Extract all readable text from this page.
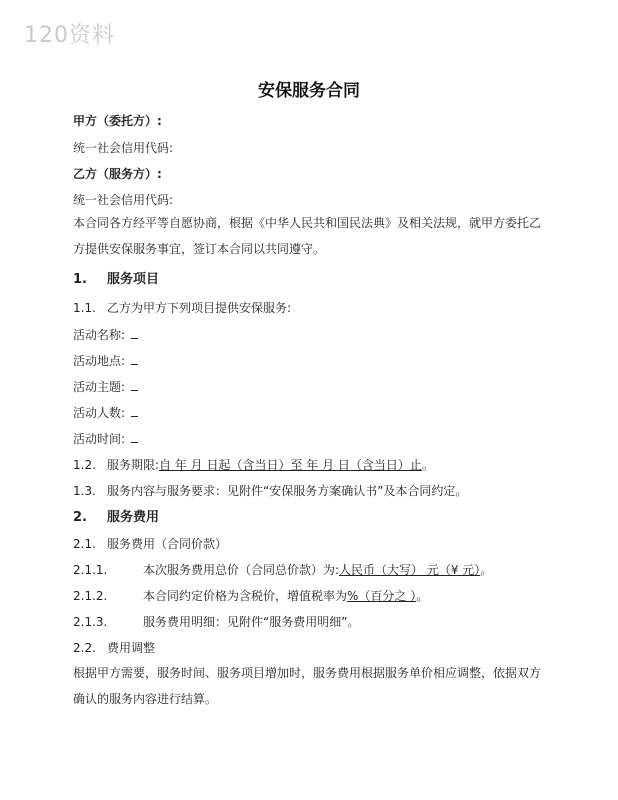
120资料
安保服务合同
甲方（委托方）:
统一社会信用代码:
乙方（服务方）:
统一社会信用代码:
本合同各方经平等自愿协商，根据《中华人民共和国民法典》及相关法规，就甲方委托乙方提供安保服务事宜，签订本合同以共同遵守。
1. 服务项目
1.1. 乙方为甲方下列项目提供安保服务:
活动名称:
活动地点:
活动主题:
活动人数:
活动时间:
1.2. 服务期限:自 年 月 日起（含当日）至 年 月 日（含当日）止。
1.3. 服务内容与服务要求：见附件“安保服务方案确认书”及本合同约定。
2. 服务费用
2.1. 服务费用（合同价款）
2.1.1.	本次服务费用总价（合同总价款）为:人民币（大写） 元（¥ 元）。
2.1.2.	本合同约定价格为含税价，增值税率为%（百分之 ）。
2.1.3.	服务费用明细：见附件“服务费用明细”。
2.2. 费用调整
根据甲方需要，服务时间、服务项目增加时，服务费用根据服务单价相应调整，依据双方确认的服务内容进行结算。
